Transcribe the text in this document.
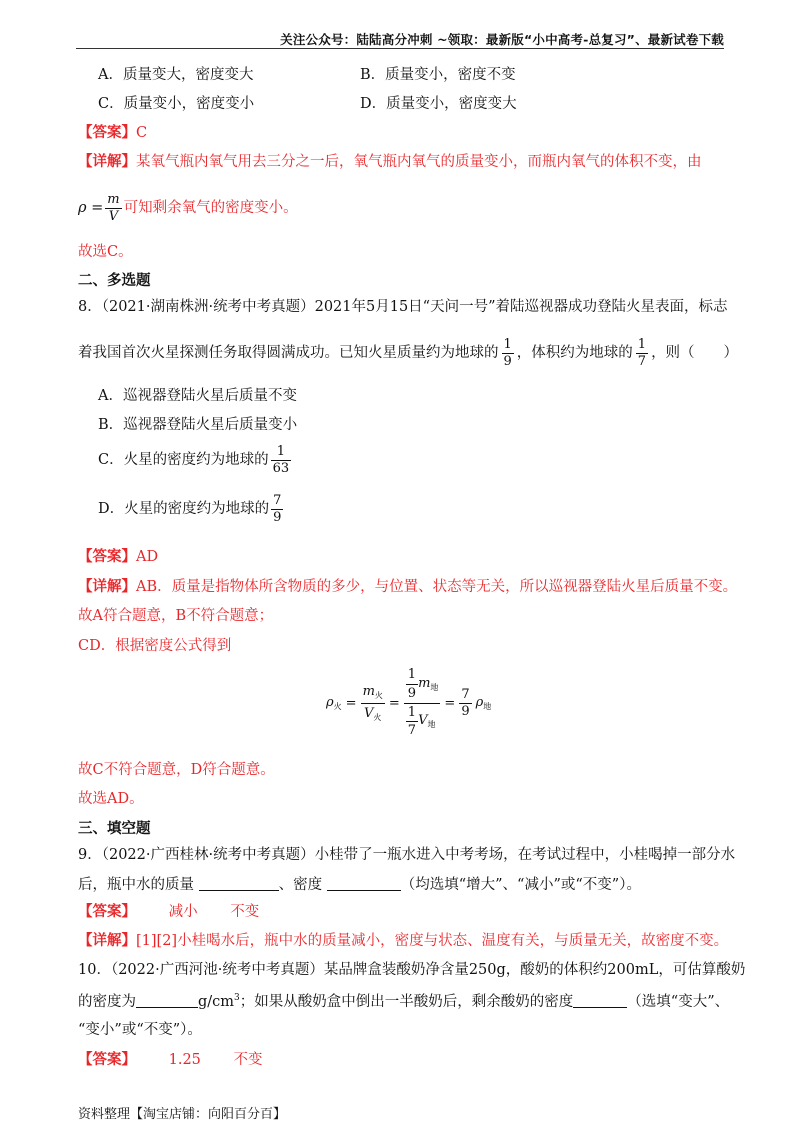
关注公众号：陆陆高分冲刺 ~领取：最新版“小中高考-总复习”、最新试卷下载
A．质量变大，密度变大	B．质量变小，密度不变
C．质量变小，密度变小	D．质量变小，密度变大
【答案】C
【详解】某氧气瓶内氧气用去三分之一后，氧气瓶内氧气的质量变小，而瓶内氧气的体积不变，由
$\rho = \frac{m}{V}$ 可知剩余氧气的密度变小。
故选C。
二、多选题
8．（2021·湖南株洲·统考中考真题）2021年5月15日“天问一号”着陆巡视器成功登陆火星表面，标志
着我国首次火星探测任务取得圆满成功。已知火星质量约为地球的 $\frac{1}{9}$ ，体积约为地球的 $\frac{1}{7}$ ，则（　　）
A．巡视器登陆火星后质量不变
B．巡视器登陆火星后质量变小
C．火星的密度约为地球的 $\frac{1}{63}$
D．火星的密度约为地球的 $\frac{7}{9}$
【答案】AD
【详解】AB．质量是指物体所含物质的多少，与位置、状态等无关，所以巡视器登陆火星后质量不变。
故A符合题意，B不符合题意；
CD．根据密度公式得到
$\rho_火$ =
$m_火$
$V_火$
=
$\frac{1}{9} m_地$
$\frac{1}{7} V_地$
= $\frac{7}{9} \rho_地$
故C不符合题意，D符合题意。
故选AD。
三、填空题
9．（2022·广西桂林·统考中考真题）小桂带了一瓶水进入中考考场，在考试过程中，小桂喝掉一部分水
后，瓶中水的质量	、密度	（均选填“增大”、“减小”或“不变”）。
【答案】 减小 不变
【详解】[1][2]小桂喝水后，瓶中水的质量减小，密度与状态、温度有关，与质量无关，故密度不变。
10．（2022·广西河池·统考中考真题）某品牌盒装酸奶净含量250g，酸奶的体积约200mL，可估算酸奶
的密度为	$g/cm^3$；如果从酸奶盒中倒出一半酸奶后，剩余酸奶的密度	（选填“变大”、
“变小”或“不变”）。
【答案】 1.25 不变
资料整理【淘宝店铺：向阳百分百】
